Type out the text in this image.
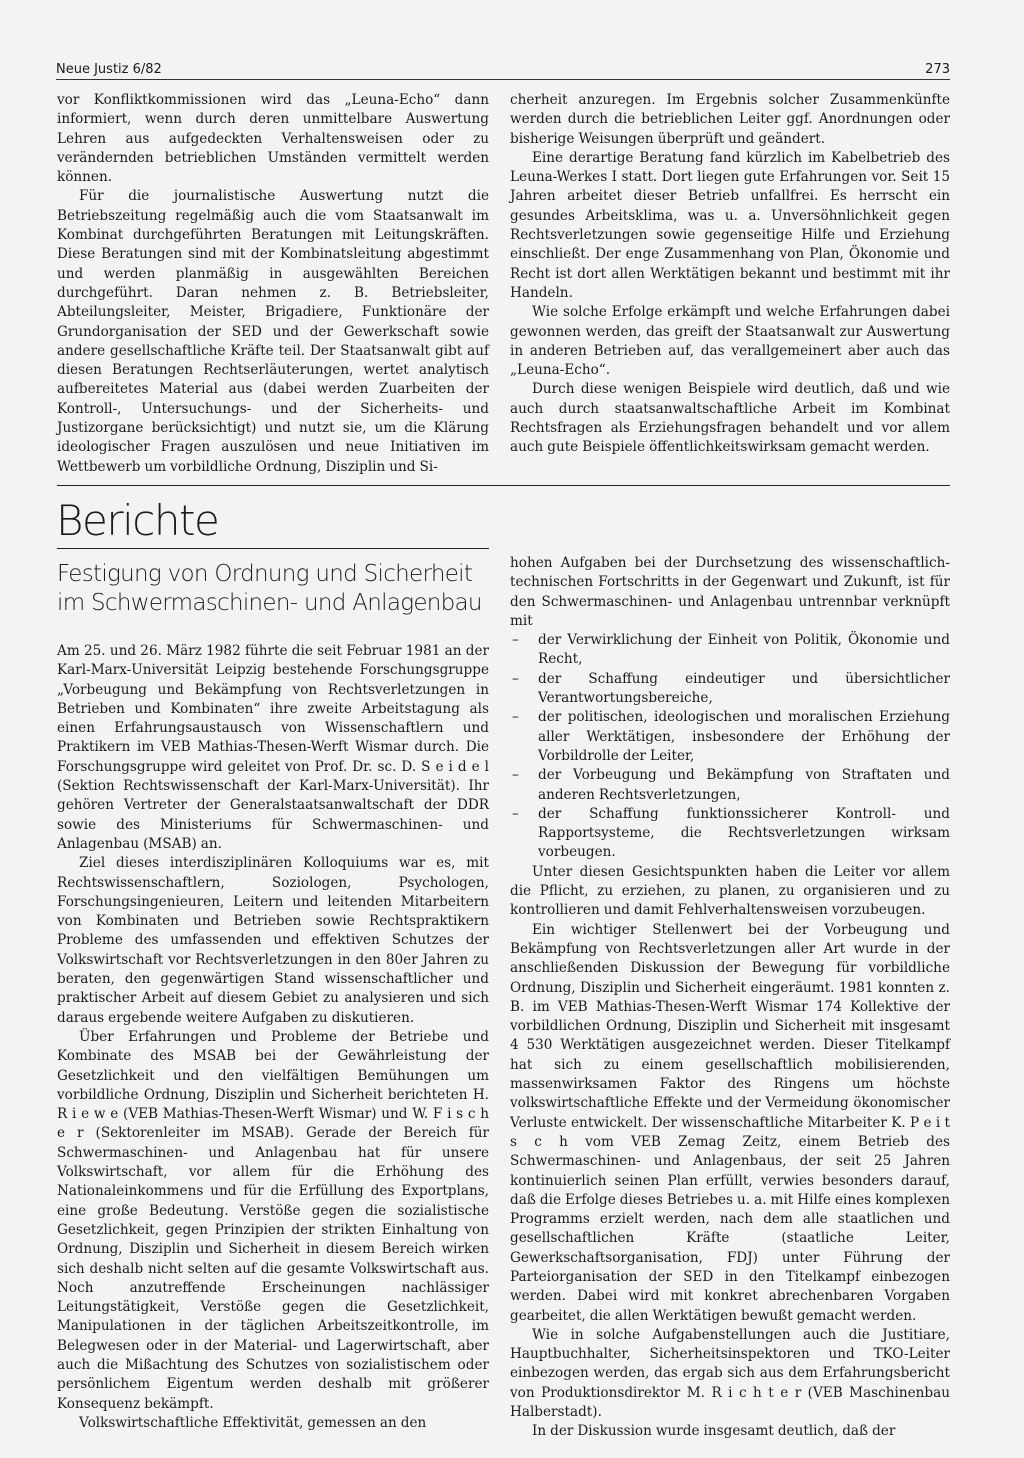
Neue Justiz 6/82	273

vor Konfliktkommissionen wird das „Leuna-Echo“ dann informiert, wenn durch deren unmittelbare Auswertung Lehren aus aufgedeckten Verhaltensweisen oder zu verändernden betrieblichen Umständen vermittelt werden können.

Für die journalistische Auswertung nutzt die Betriebszeitung regelmäßig auch die vom Staatsanwalt im Kombinat durchgeführten Beratungen mit Leitungskräften. Diese Beratungen sind mit der Kombinatsleitung abgestimmt und werden planmäßig in ausgewählten Bereichen durchgeführt. Daran nehmen z. B. Betriebsleiter, Abteilungsleiter, Meister, Brigadiere, Funktionäre der Grundorganisation der SED und der Gewerkschaft sowie andere gesellschaftliche Kräfte teil. Der Staatsanwalt gibt auf diesen Beratungen Rechtserläuterungen, wertet analytisch aufbereitetes Material aus (dabei werden Zuarbeiten der Kontroll-, Untersuchungs- und der Sicherheits- und Justizorgane berücksichtigt) und nutzt sie, um die Klärung ideologischer Fragen auszulösen und neue Initiativen im Wettbewerb um vorbildliche Ordnung, Disziplin und Si-

cherheit anzuregen. Im Ergebnis solcher Zusammenkünfte werden durch die betrieblichen Leiter ggf. Anordnungen oder bisherige Weisungen überprüft und geändert.

Eine derartige Beratung fand kürzlich im Kabelbetrieb des Leuna-Werkes I statt. Dort liegen gute Erfahrungen vor. Seit 15 Jahren arbeitet dieser Betrieb unfallfrei. Es herrscht ein gesundes Arbeitsklima, was u. a. Unversöhnlichkeit gegen Rechtsverletzungen sowie gegenseitige Hilfe und Erziehung einschließt. Der enge Zusammenhang von Plan, Ökonomie und Recht ist dort allen Werktätigen bekannt und bestimmt mit ihr Handeln.

Wie solche Erfolge erkämpft und welche Erfahrungen dabei gewonnen werden, das greift der Staatsanwalt zur Auswertung in anderen Betrieben auf, das verallgemeinert aber auch das „Leuna-Echo“.

Durch diese wenigen Beispiele wird deutlich, daß und wie auch durch staatsanwaltschaftliche Arbeit im Kombinat Rechtsfragen als Erziehungsfragen behandelt und vor allem auch gute Beispiele öffentlichkeitswirksam gemacht werden.

Berichte
Festigung von Ordnung und Sicherheit
im Schwermaschinen- und Anlagenbau

Am 25. und 26. März 1982 führte die seit Februar 1981 an der Karl-Marx-Universität Leipzig bestehende Forschungsgruppe „Vorbeugung und Bekämpfung von Rechtsverletzungen in Betrieben und Kombinaten“ ihre zweite Arbeitstagung als einen Erfahrungsaustausch von Wissenschaftlern und Praktikern im VEB Mathias-Thesen-Werft Wismar durch. Die Forschungsgruppe wird geleitet von Prof. Dr. sc. D. S e i d e l (Sektion Rechtswissenschaft der Karl-Marx-Universität). Ihr gehören Vertreter der Generalstaatsanwaltschaft der DDR sowie des Ministeriums für Schwermaschinen- und Anlagenbau (MSAB) an.

Ziel dieses interdisziplinären Kolloquiums war es, mit Rechtswissenschaftlern, Soziologen, Psychologen, Forschungsingenieuren, Leitern und leitenden Mitarbeitern von Kombinaten und Betrieben sowie Rechtspraktikern Probleme des umfassenden und effektiven Schutzes der Volkswirtschaft vor Rechtsverletzungen in den 80er Jahren zu beraten, den gegenwärtigen Stand wissenschaftlicher und praktischer Arbeit auf diesem Gebiet zu analysieren und sich daraus ergebende weitere Aufgaben zu diskutieren.

Über Erfahrungen und Probleme der Betriebe und Kombinate des MSAB bei der Gewährleistung der Gesetzlichkeit und den vielfältigen Bemühungen um vorbildliche Ordnung, Disziplin und Sicherheit berichteten H. R i e w e (VEB Mathias-Thesen-Werft Wismar) und W. F i s c h e r (Sektorenleiter im MSAB). Gerade der Bereich für Schwermaschinen- und Anlagenbau hat für unsere Volkswirtschaft, vor allem für die Erhöhung des Nationaleinkommens und für die Erfüllung des Exportplans, eine große Bedeutung. Verstöße gegen die sozialistische Gesetzlichkeit, gegen Prinzipien der strikten Einhaltung von Ordnung, Disziplin und Sicherheit in diesem Bereich wirken sich deshalb nicht selten auf die gesamte Volkswirtschaft aus. Noch anzutreffende Erscheinungen nachlässiger Leitungstätigkeit, Verstöße gegen die Gesetzlichkeit, Manipulationen in der täglichen Arbeitszeitkontrolle, im Belegwesen oder in der Material- und Lagerwirtschaft, aber auch die Mißachtung des Schutzes von sozialistischem oder persönlichem Eigentum werden deshalb mit größerer Konsequenz bekämpft.

Volkswirtschaftliche Effektivität, gemessen an den

hohen Aufgaben bei der Durchsetzung des wissenschaftlich-technischen Fortschritts in der Gegenwart und Zukunft, ist für den Schwermaschinen- und Anlagenbau untrennbar verknüpft mit

– der Verwirklichung der Einheit von Politik, Ökonomie und Recht,
– der Schaffung eindeutiger und übersichtlicher Verantwortungsbereiche,
– der politischen, ideologischen und moralischen Erziehung aller Werktätigen, insbesondere der Erhöhung der Vorbildrolle der Leiter,
– der Vorbeugung und Bekämpfung von Straftaten und anderen Rechtsverletzungen,
– der Schaffung funktionssicherer Kontroll- und Rapportsysteme, die Rechtsverletzungen wirksam vorbeugen.

Unter diesen Gesichtspunkten haben die Leiter vor allem die Pflicht, zu erziehen, zu planen, zu organisieren und zu kontrollieren und damit Fehlverhaltensweisen vorzubeugen.

Ein wichtiger Stellenwert bei der Vorbeugung und Bekämpfung von Rechtsverletzungen aller Art wurde in der anschließenden Diskussion der Bewegung für vorbildliche Ordnung, Disziplin und Sicherheit eingeräumt. 1981 konnten z. B. im VEB Mathias-Thesen-Werft Wismar 174 Kollektive der vorbildlichen Ordnung, Disziplin und Sicherheit mit insgesamt 4 530 Werktätigen ausgezeichnet werden. Dieser Titelkampf hat sich zu einem gesellschaftlich mobilisierenden, massenwirksamen Faktor des Ringens um höchste volkswirtschaftliche Effekte und der Vermeidung ökonomischer Verluste entwickelt. Der wissenschaftliche Mitarbeiter K. P e i t s c h vom VEB Zemag Zeitz, einem Betrieb des Schwermaschinen- und Anlagenbaus, der seit 25 Jahren kontinuierlich seinen Plan erfüllt, verwies besonders darauf, daß die Erfolge dieses Betriebes u. a. mit Hilfe eines komplexen Programms erzielt werden, nach dem alle staatlichen und gesellschaftlichen Kräfte (staatliche Leiter, Gewerkschaftsorganisation, FDJ) unter Führung der Parteiorganisation der SED in den Titelkampf einbezogen werden. Dabei wird mit konkret abrechenbaren Vorgaben gearbeitet, die allen Werktätigen bewußt gemacht werden.

Wie in solche Aufgabenstellungen auch die Justitiare, Hauptbuchhalter, Sicherheitsinspektoren und TKO-Leiter einbezogen werden, das ergab sich aus dem Erfahrungsbericht von Produktionsdirektor M. R i c h t e r (VEB Maschinenbau Halberstadt).

In der Diskussion wurde insgesamt deutlich, daß der
